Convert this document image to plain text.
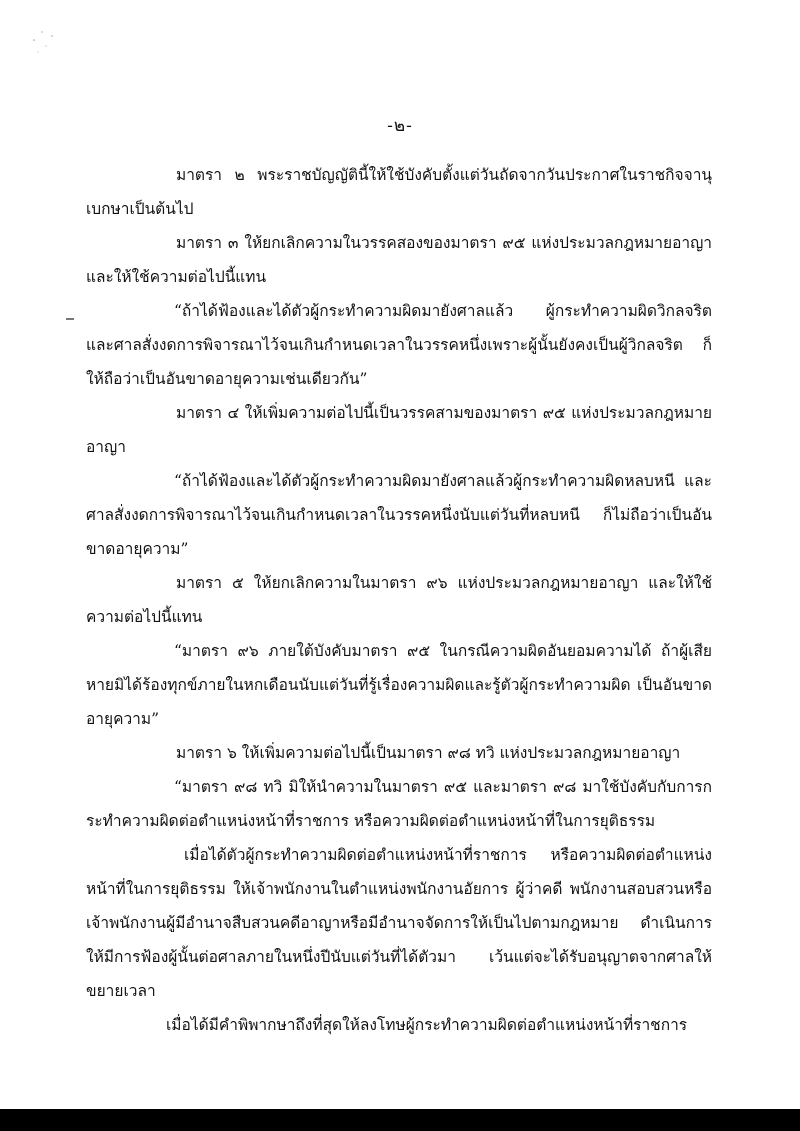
-๒-

มาตรา ๒ พระราชบัญญัตินี้ให้ใช้บังคับตั้งแต่วันถัดจากวันประกาศในราชกิจจานุเบกษาเป็นต้นไป

มาตรา ๓ ให้ยกเลิกความในวรรคสองของมาตรา ๙๕ แห่งประมวลกฎหมายอาญา และให้ใช้ความต่อไปนี้แทน

“ถ้าได้ฟ้องและได้ตัวผู้กระทำความผิดมายังศาลแล้ว ผู้กระทำความผิดวิกลจริตและศาลสั่งงดการพิจารณาไว้จนเกินกำหนดเวลาในวรรคหนึ่งเพราะผู้นั้นยังคงเป็นผู้วิกลจริต ก็ให้ถือว่าเป็นอันขาดอายุความเช่นเดียวกัน”

มาตรา ๔ ให้เพิ่มความต่อไปนี้เป็นวรรคสามของมาตรา ๙๕ แห่งประมวลกฎหมายอาญา

“ถ้าได้ฟ้องและได้ตัวผู้กระทำความผิดมายังศาลแล้วผู้กระทำความผิดหลบหนี และศาลสั่งงดการพิจารณาไว้จนเกินกำหนดเวลาในวรรคหนึ่งนับแต่วันที่หลบหนี ก็ไม่ถือว่าเป็นอันขาดอายุความ”

มาตรา ๕ ให้ยกเลิกความในมาตรา ๙๖ แห่งประมวลกฎหมายอาญา และให้ใช้ความต่อไปนี้แทน

“มาตรา ๙๖ ภายใต้บังคับมาตรา ๙๕ ในกรณีความผิดอันยอมความได้ ถ้าผู้เสียหายมิได้ร้องทุกข์ภายในหกเดือนนับแต่วันที่รู้เรื่องความผิดและรู้ตัวผู้กระทำความผิด เป็นอันขาดอายุความ”

มาตรา ๖ ให้เพิ่มความต่อไปนี้เป็นมาตรา ๙๘ ทวิ แห่งประมวลกฎหมายอาญา

“มาตรา ๙๘ ทวิ มิให้นำความในมาตรา ๙๕ และมาตรา ๙๘ มาใช้บังคับกับการกระทำความผิดต่อตำแหน่งหน้าที่ราชการ หรือความผิดต่อตำแหน่งหน้าที่ในการยุติธรรม

เมื่อได้ตัวผู้กระทำความผิดต่อตำแหน่งหน้าที่ราชการ หรือความผิดต่อตำแหน่งหน้าที่ในการยุติธรรม ให้เจ้าพนักงานในตำแหน่งพนักงานอัยการ ผู้ว่าคดี พนักงานสอบสวนหรือเจ้าพนักงานผู้มีอำนาจสืบสวนคดีอาญาหรือมีอำนาจจัดการให้เป็นไปตามกฎหมาย ดำเนินการให้มีการฟ้องผู้นั้นต่อศาลภายในหนึ่งปีนับแต่วันที่ได้ตัวมา เว้นแต่จะได้รับอนุญาตจากศาลให้ขยายเวลา

เมื่อได้มีคำพิพากษาถึงที่สุดให้ลงโทษผู้กระทำความผิดต่อตำแหน่งหน้าที่ราชการ
